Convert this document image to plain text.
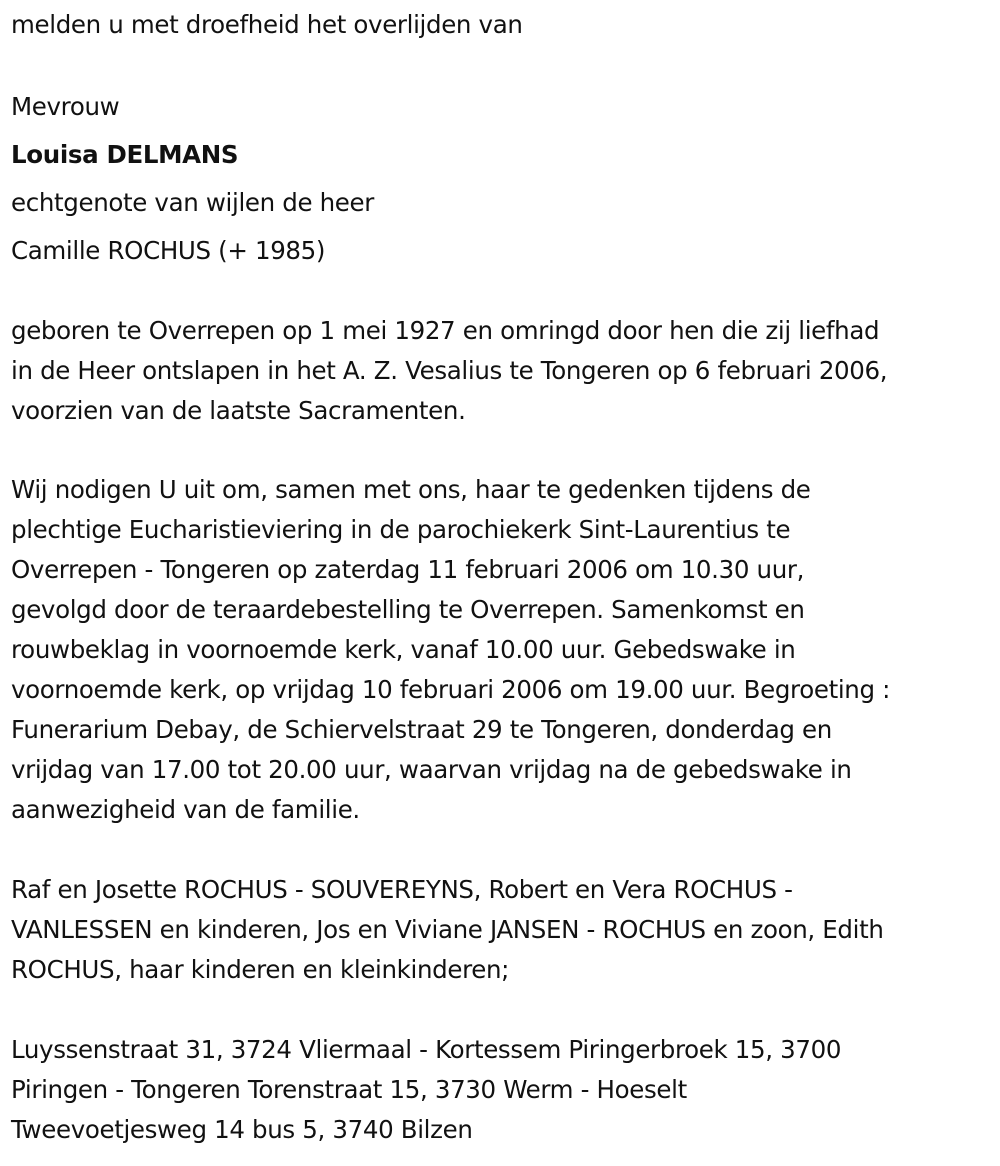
melden u met droefheid het overlijden van
Mevrouw
Louisa DELMANS
echtgenote van wijlen de heer
Camille ROCHUS (+ 1985)
geboren te Overrepen op 1 mei 1927 en omringd door hen die zij liefhad
in de Heer ontslapen in het A. Z. Vesalius te Tongeren op 6 februari 2006,
voorzien van de laatste Sacramenten.
Wij nodigen U uit om, samen met ons, haar te gedenken tijdens de
plechtige Eucharistieviering in de parochiekerk Sint-Laurentius te
Overrepen - Tongeren op zaterdag 11 februari 2006 om 10.30 uur,
gevolgd door de teraardebestelling te Overrepen. Samenkomst en
rouwbeklag in voornoemde kerk, vanaf 10.00 uur. Gebedswake in
voornoemde kerk, op vrijdag 10 februari 2006 om 19.00 uur. Begroeting :
Funerarium Debay, de Schiervelstraat 29 te Tongeren, donderdag en
vrijdag van 17.00 tot 20.00 uur, waarvan vrijdag na de gebedswake in
aanwezigheid van de familie.
Raf en Josette ROCHUS - SOUVEREYNS, Robert en Vera ROCHUS -
VANLESSEN en kinderen, Jos en Viviane JANSEN - ROCHUS en zoon, Edith
ROCHUS, haar kinderen en kleinkinderen;
Luyssenstraat 31, 3724 Vliermaal - Kortessem Piringerbroek 15, 3700
Piringen - Tongeren Torenstraat 15, 3730 Werm - Hoeselt
Tweevoetjesweg 14 bus 5, 3740 Bilzen
